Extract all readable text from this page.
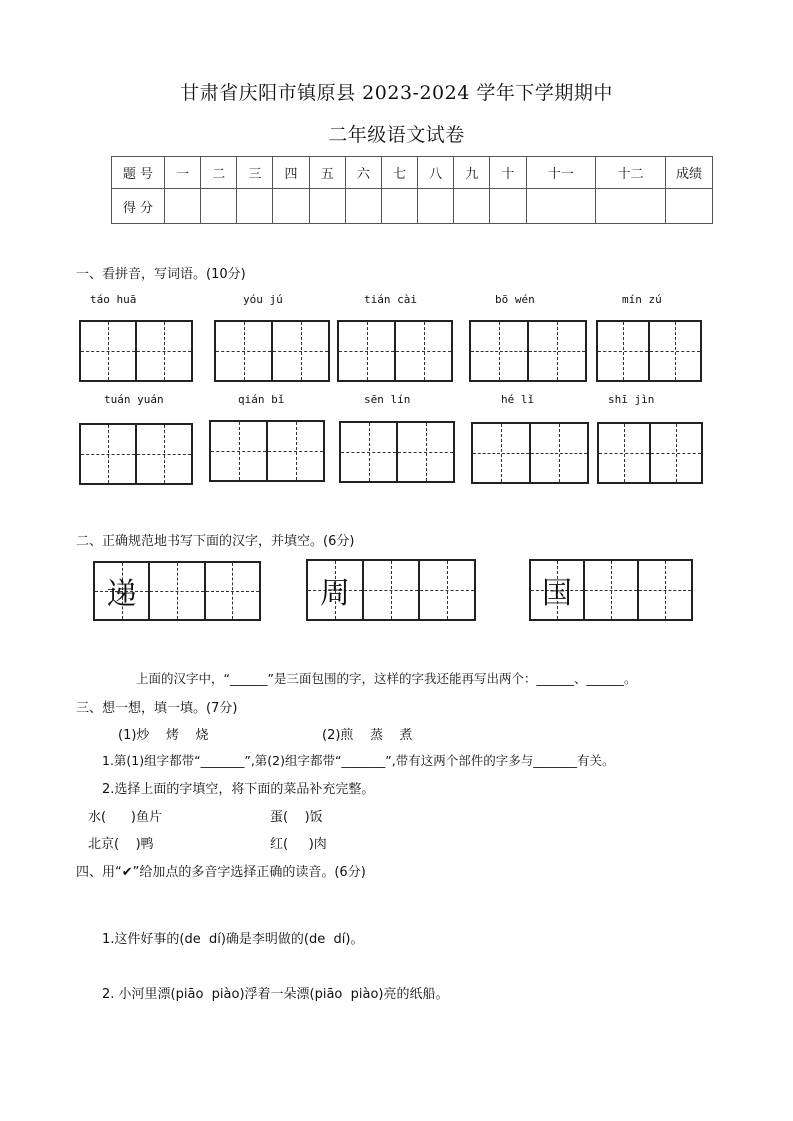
甘肃省庆阳市镇原县 2023-2024 学年下学期期中
二年级语文试卷
题 号	一	二	三	四	五	六	七	八	九	十	十一	十二	成绩
得 分													
一、看拼音，写词语。(10分)
táo huā	yóu jú	tián cài	bō wén	mín zú
tuán yuán	qián bǐ	sēn lín	hé lǐ	shī jìn
二、正确规范地书写下面的汉字，并填空。(6分)
递	周	国
上面的汉字中，“______”是三面包围的字，这样的字我还能再写出两个：______、______。
三、想一想，填一填。(7分)
(1)炒    烤    烧	(2)煎    蒸    煮
1.第(1)组字都带“_______”,第(2)组字都带“_______”,带有这两个部件的字多与_______有关。
2.选择上面的字填空，将下面的菜品补充完整。
水(      )鱼片	蛋(    )饭
北京(    )鸭	红(     )肉
四、用“✔”给加点的多音字选择正确的读音。(6分)
1.这件好事的(de  dí)确是李明做的(de  dí)。
2. 小河里漂(piāo  piào)浮着一朵漂(piāo  piào)亮的纸船。
